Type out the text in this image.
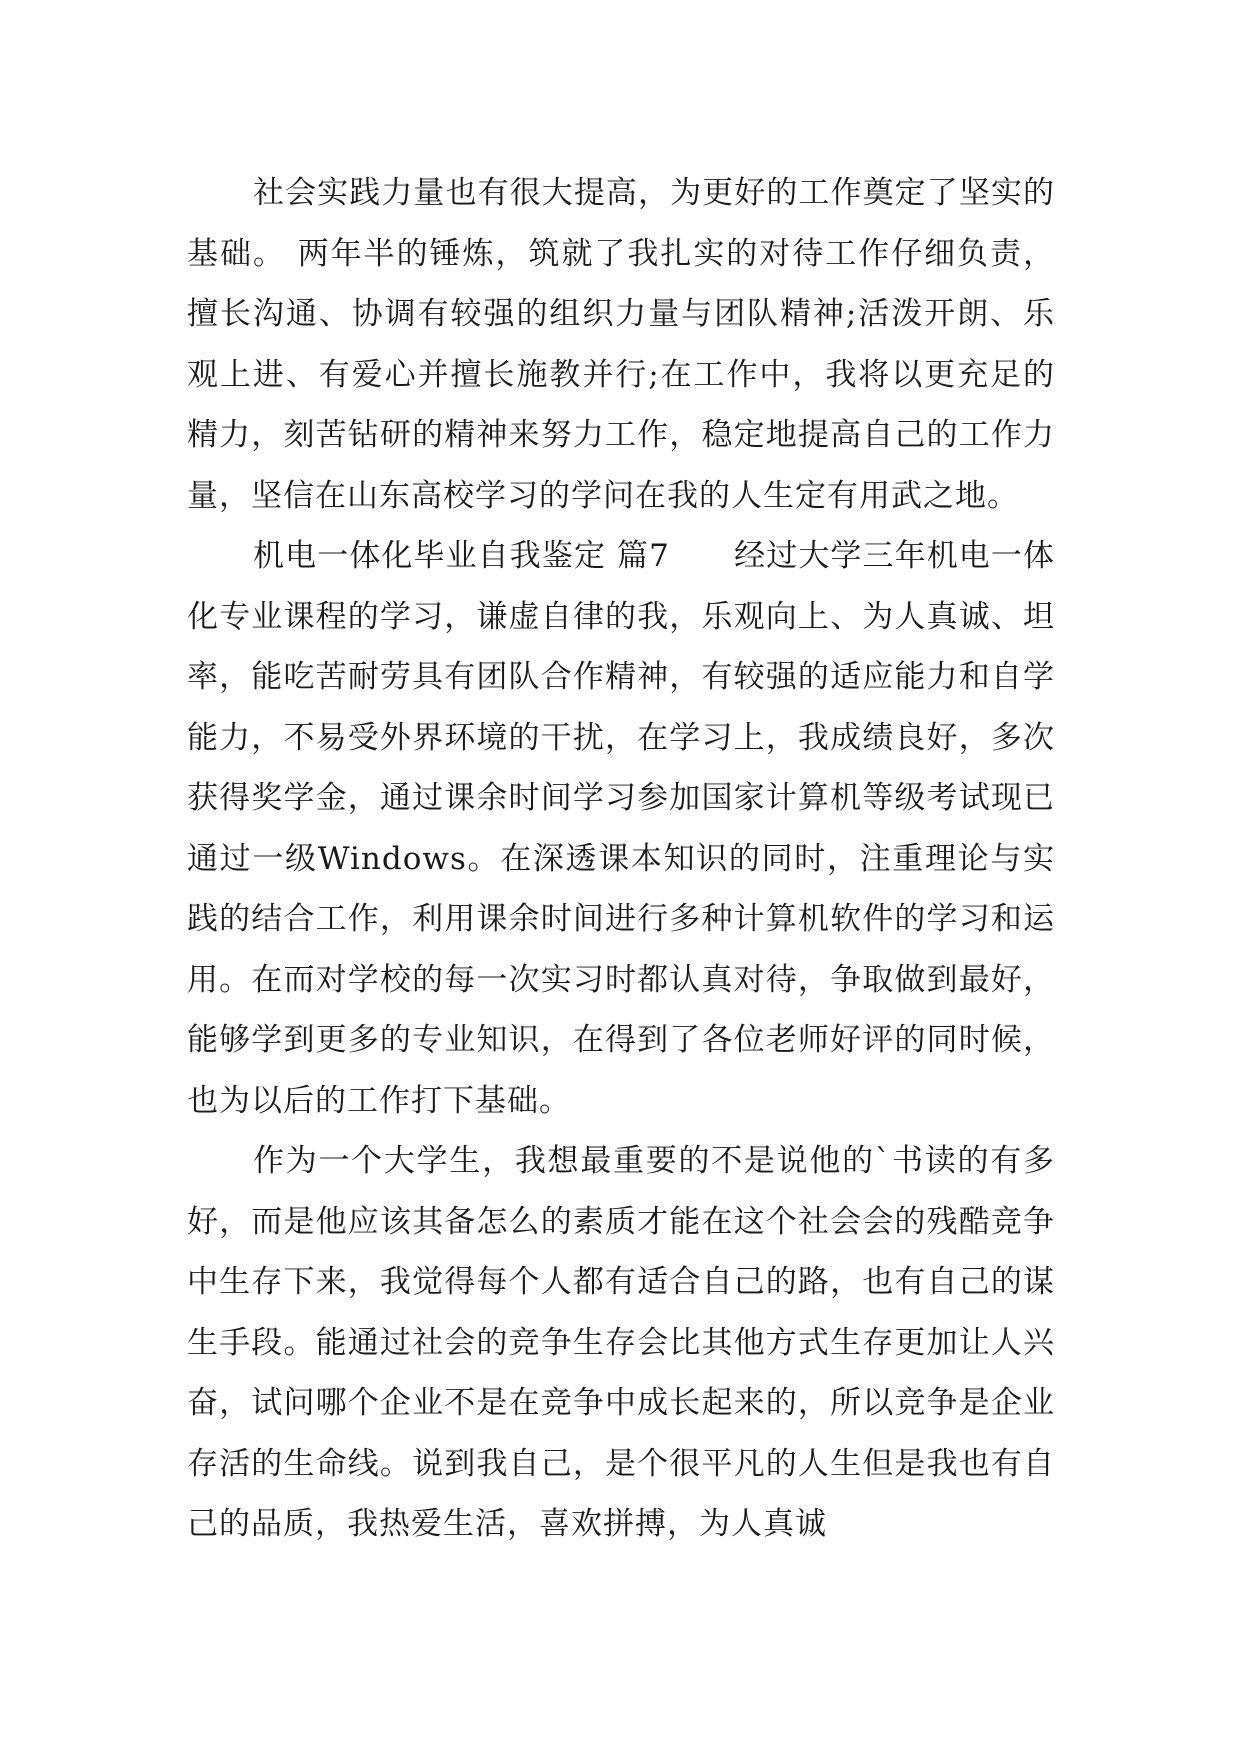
社会实践力量也有很大提高，为更好的工作奠定了坚实的基础。 两年半的锤炼，筑就了我扎实的对待工作仔细负责，擅长沟通、协调有较强的组织力量与团队精神;活泼开朗、乐观上进、有爱心并擅长施教并行;在工作中，我将以更充足的精力，刻苦钻研的精神来努力工作，稳定地提高自己的工作力量，坚信在山东高校学习的学问在我的人生定有用武之地。

机电一体化毕业自我鉴定 篇7　　经过大学三年机电一体化专业课程的学习，谦虚自律的我，乐观向上、为人真诚、坦率，能吃苦耐劳具有团队合作精神，有较强的适应能力和自学能力，不易受外界环境的干扰，在学习上，我成绩良好，多次获得奖学金，通过课余时间学习参加国家计算机等级考试现已通过一级Windows。在深透课本知识的同时，注重理论与实践的结合工作，利用课余时间进行多种计算机软件的学习和运用。在而对学校的每一次实习时都认真对待，争取做到最好，能够学到更多的专业知识，在得到了各位老师好评的同时候，也为以后的工作打下基础。

作为一个大学生，我想最重要的不是说他的`书读的有多好，而是他应该其备怎么的素质才能在这个社会会的残酷竞争中生存下来，我觉得每个人都有适合自己的路，也有自己的谋生手段。能通过社会的竞争生存会比其他方式生存更加让人兴奋，试问哪个企业不是在竞争中成长起来的，所以竞争是企业存活的生命线。说到我自己，是个很平凡的人生但是我也有自己的品质，我热爱生活，喜欢拼搏，为人真诚
